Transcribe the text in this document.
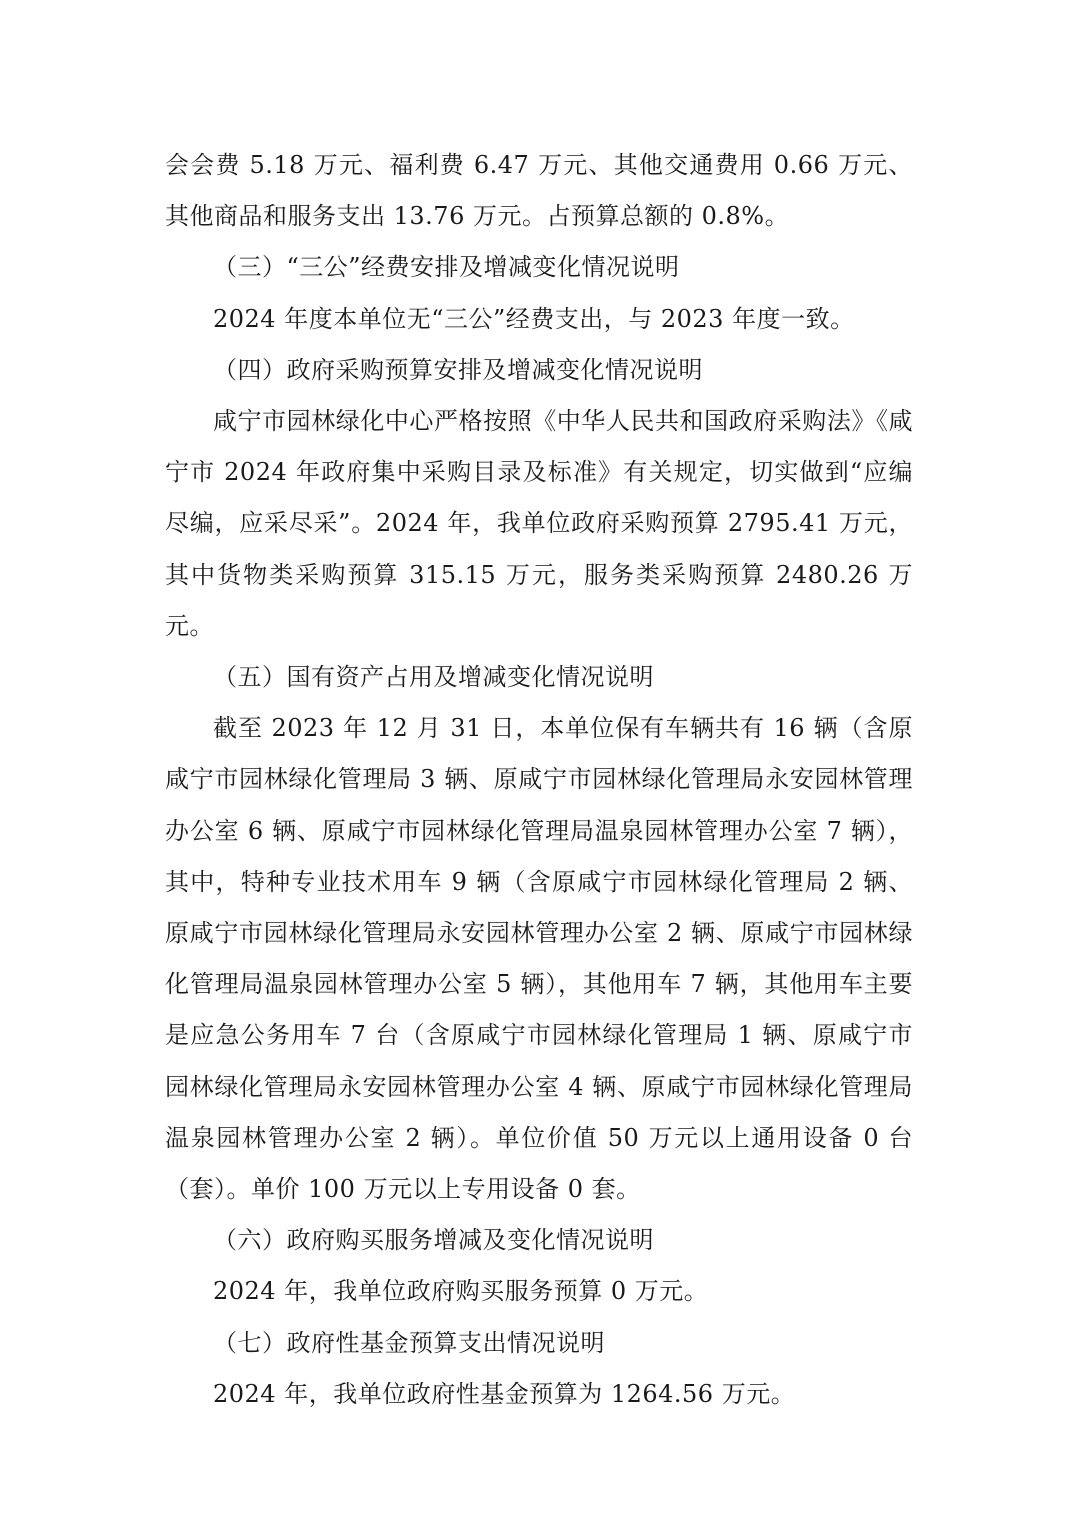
会会费 5.18 万元、福利费 6.47 万元、其他交通费用 0.66 万元、其他商品和服务支出 13.76 万元。占预算总额的 0.8%。

（三）“三公”经费安排及增减变化情况说明

2024 年度本单位无“三公”经费支出，与 2023 年度一致。

（四）政府采购预算安排及增减变化情况说明

咸宁市园林绿化中心严格按照《中华人民共和国政府采购法》《咸宁市 2024 年政府集中采购目录及标准》有关规定，切实做到“应编尽编，应采尽采”。2024 年，我单位政府采购预算 2795.41 万元，其中货物类采购预算 315.15 万元，服务类采购预算 2480.26 万元。

（五）国有资产占用及增减变化情况说明

截至 2023 年 12 月 31 日，本单位保有车辆共有 16 辆（含原咸宁市园林绿化管理局 3 辆、原咸宁市园林绿化管理局永安园林管理办公室 6 辆、原咸宁市园林绿化管理局温泉园林管理办公室 7 辆），其中，特种专业技术用车 9 辆（含原咸宁市园林绿化管理局 2 辆、原咸宁市园林绿化管理局永安园林管理办公室 2 辆、原咸宁市园林绿化管理局温泉园林管理办公室 5 辆），其他用车 7 辆，其他用车主要是应急公务用车 7 台（含原咸宁市园林绿化管理局 1 辆、原咸宁市园林绿化管理局永安园林管理办公室 4 辆、原咸宁市园林绿化管理局温泉园林管理办公室 2 辆）。单位价值 50 万元以上通用设备 0 台（套）。单价 100 万元以上专用设备 0 套。

（六）政府购买服务增减及变化情况说明

2024 年，我单位政府购买服务预算 0 万元。

（七）政府性基金预算支出情况说明

2024 年，我单位政府性基金预算为 1264.56 万元。
